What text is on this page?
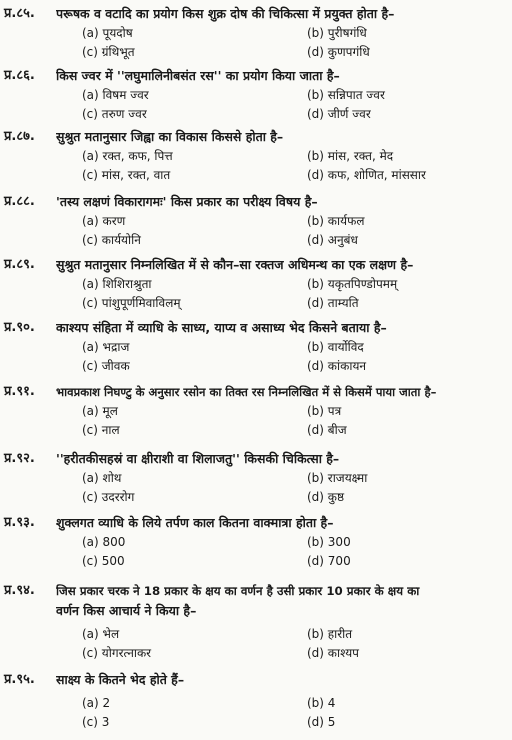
प्र.८५. परूषक व वटादि का प्रयोग किस शुक्र दोष की चिकित्सा में प्रयुक्त होता है–
(a) पूयदोष	(b) पुरीषगंधि
(c) ग्रंथिभूत	(d) कुणपगंधि
प्र.८६. किस ज्वर में ''लघुमालिनीबसंत रस'' का प्रयोग किया जाता है–
(a) विषम ज्वर	(b) सन्निपात ज्वर
(c) तरुण ज्वर	(d) जीर्ण ज्वर
प्र.८७. सुश्रुत मतानुसार जिह्वा का विकास किससे होता है–
(a) रक्त, कफ, पित्त	(b) मांस, रक्त, मेद
(c) मांस, रक्त, वात	(d) कफ, शोणित, मांससार
प्र.८८. 'तस्य लक्षणं विकारागमः' किस प्रकार का परीक्ष्य विषय है–
(a) करण	(b) कार्यफल
(c) कार्ययोनि	(d) अनुबंध
प्र.८९. सुश्रुत मतानुसार निम्नलिखित में से कौन–सा रक्तज अधिमन्थ का एक लक्षण है–
(a) शिशिराश्रुता	(b) यकृतपिण्डोपमम्
(c) पांशुपूर्णमिवाविलम्	(d) ताम्यति
प्र.९०. काश्यप संहिता में व्याधि के साध्य, याप्य व असाध्य भेद किसने बताया है–
(a) भद्राज	(b) वार्योविद
(c) जीवक	(d) कांकायन
प्र.९१. भावप्रकाश निघण्टु के अनुसार रसोन का तिक्त रस निम्नलिखित में से किसमें पाया जाता है–
(a) मूल	(b) पत्र
(c) नाल	(d) बीज
प्र.९२. ''हरीतकीसहस्रं वा क्षीराशी वा शिलाजतु'' किसकी चिकित्सा है–
(a) शोथ	(b) राजयक्ष्मा
(c) उदररोग	(d) कुष्ठ
प्र.९३. शुक्लगत व्याधि के लिये तर्पण काल कितना वाक्मात्रा होता है–
(a) 800	(b) 300
(c) 500	(d) 700
प्र.९४. जिस प्रकार चरक ने 18 प्रकार के क्षय का वर्णन है उसी प्रकार 10 प्रकार के क्षय का
वर्णन किस आचार्य ने किया है–
(a) भेल	(b) हारीत
(c) योगरत्नाकर	(d) काश्यप
प्र.९५. साक्ष्य के कितने भेद होते हैं–
(a) 2	(b) 4
(c) 3	(d) 5
